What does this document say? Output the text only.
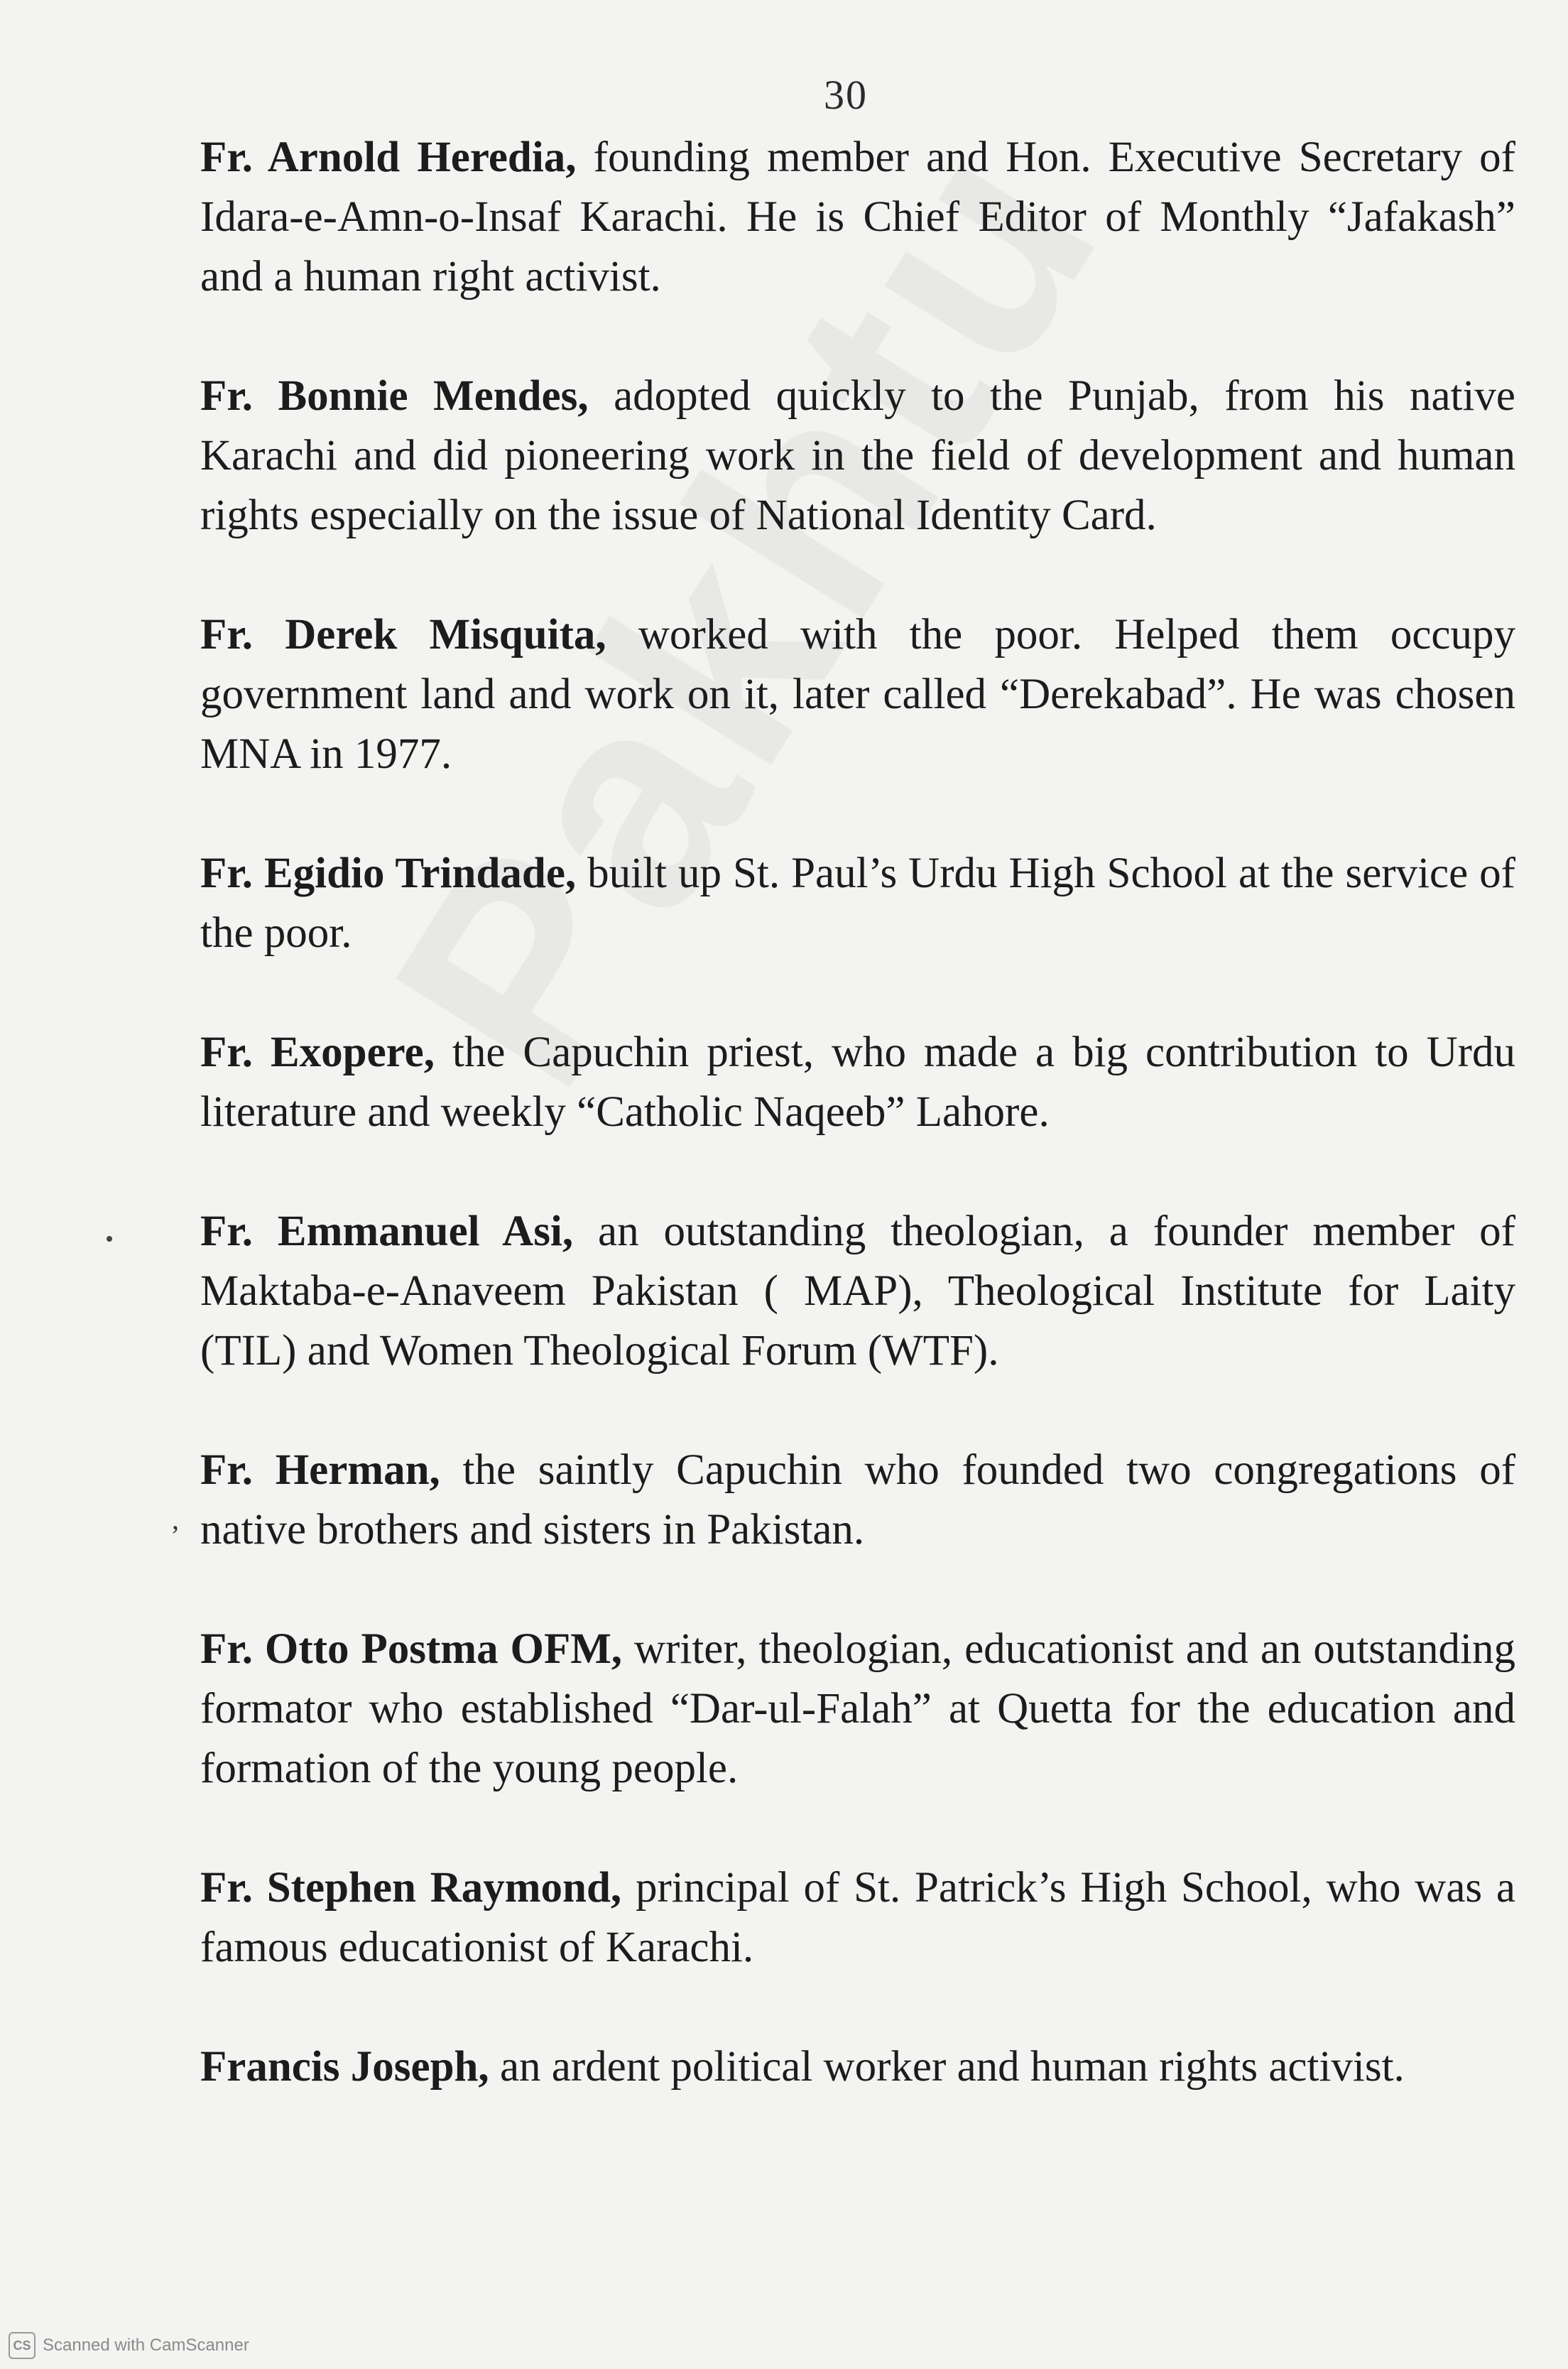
30
’

Fr. Arnold Heredia, founding member and Hon. Executive Secretary of Idara-e-Amn-o-Insaf Karachi. He is Chief Editor of Monthly “Jafakash” and a human right activist.

Fr. Bonnie Mendes, adopted quickly to the Punjab, from his native Karachi and did pioneering work in the field of development and human rights especially on the issue of National Identity Card.

Fr. Derek Misquita, worked with the poor. Helped them occupy government land and work on it, later called “Derekabad”. He was chosen MNA in 1977.

Fr. Egidio Trindade, built up St. Paul’s Urdu High School at the service of the poor.

Fr. Exopere, the Capuchin priest, who made a big contribution to Urdu literature and weekly “Catholic Naqeeb” Lahore.

Fr. Emmanuel Asi, an outstanding theologian, a founder member of Maktaba-e-Anaveem Pakistan ( MAP), Theological Institute for Laity (TIL) and Women Theological Forum (WTF).

Fr. Herman, the saintly Capuchin who founded two congregations of native brothers and sisters in Pakistan.

Fr. Otto Postma OFM, writer, theologian, educationist and an outstanding formator who established “Dar-ul-Falah” at Quetta for the education and formation of the young people.

Fr. Stephen Raymond, principal of St. Patrick’s High School, who was a famous educationist of Karachi.

Francis Joseph, an ardent political worker and human rights activist.

CS Scanned with CamScanner
